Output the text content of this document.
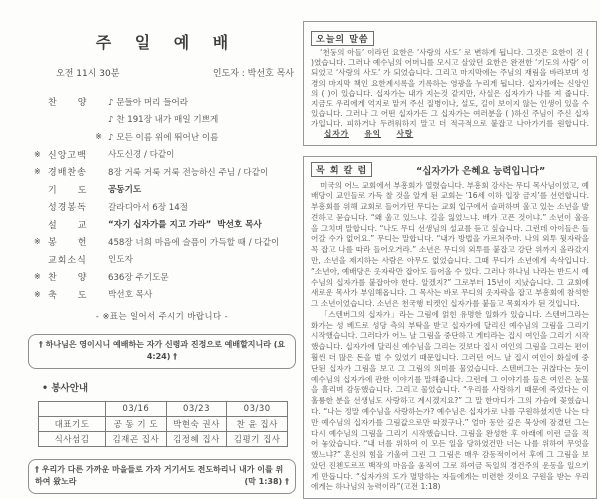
주 일 예 배
오전 11시 30분	인도자 : 박선호 목사
찬　　양	♪ 문들아 머리 들어라
♪ 찬 191장 내가 매일 기쁘게
※ ♪ 모든 이름 위에 뛰어난 이름
※ 신앙고백	사도신경 / 다같이
※ 경배찬송	8장 거룩 거룩 거룩 전능하신 주님 / 다같이
기　　도	공동기도
성경봉독	갈라디아서 6장 14절
설　　교	“자기 십자가를 지고 가라”  박선호 목사
※ 봉　　헌	458장 너희 마음에 슬픔이 가득할 때 / 다같이
교회소식	인도자
※ 찬　　양	636장 주기도문
※ 축　　도	박선호 목사
- ※표는 일어서 주시기 바랍니다 -
† 하나님은 영이시니 예배하는 자가 신령과 진정으로 예배할지니라 (요4:24) †
• 봉사안내
	03/16	03/23	03/30
대표기도	공 동 기 도	박현숙 권사	찬 윤 집사
식사섬김	김재곤 집사	김정혜 집사	김평기 집사
† 우리가 다른 가까운 마을들로 가자 거기서도 전도하리니 내가 이를 위하여 왔노라	(막 1:38) †
오늘의 말씀
‘천둥의 아들’ 이라던 요한은 ‘사랑의 사도’ 로 변하게 됩니다. 그것은 요한이 진 ( )였습니다. 그러나 예수님의 어머니를 모시고 살았던 요한은 완전한 ‘기도의 사람’ 이 되었고 ‘사랑의 사도’ 가 되었습니다. 그리고 마지막에는 주님의 재림을 바라보며 성경의 마지막 책인 요한계시록을 기록하는 영광을 누리게 됩니다. 십자가에는 신앙인의 ( )이 있습니다. 십자가는 내가 지는것 같지만, 사실은 십자가가 나를 져 줍니다. 지금도 우리에게 억지로 맡겨 주신 질병이나, 설도, 길이 보이지 않는 인생이 있을 수 있습니다. 그러나 그 어떤 십자가든 그 십자가는 여러분을 ( )하신 주님이 주신 십자가입니다. 피하거나 두려워하지 말고 더 적극적으로 붙잡고 나아가기를 원합니다. 십자가 유익 사랑
목 회 칼 럼	“십자가가 은혜요 능력입니다”

미국의 어느 교회에서 부흥회가 열렸습니다. 부흥회 강사는 무디 목사님이었고, 예배당이 교인들로 가득 찰 것을 알게 된 교회는 ‘16세 이하 입장 금지’를 선언합니다. 부흥회를 위해 교회로 들어가던 무디는 교회 입구에서 슬퍼하며 울고 있는 소년을 발견하고 묻습니다. “왜 울고 있느냐. 길을 잃었느냐. 배가 고픈 것이냐.” 소년이 울음을 그치며 말합니다. “나도 무디 선생님의 설교를 듣고 싶습니다. 그런데 아이들은 들어갈 수가 없어요.” 무디는 말합니다. “내가 방법을 가르쳐주마. 나의 외투 뒷자락을 꼭 잡고 나를 따라 들어오거라.” 소년은 무디의 외투를 붙잡고 강단 위까지 올라갔지만, 소년을 제지하는 사람은 아무도 없었습니다. 그때 무디가 소년에게 속삭입니다. “소년아, 예배당은 옷자락만 잡아도 들어올 수 있다. 그러나 하나님 나라는 반드시 예수님의 십자가를 붙잡아야 한다. 알겠지?” 그로부터 15년이 지났습니다. 그 교회에 새로운 목사가 부임해옵니다. 그 목사는 바로 무디의 옷자락을 잡고 부흥회에 참석한 그 소년이었습니다. 소년은 천국행 티켓인 십자가를 붙들고 목회자가 된 것입니다.

「스텐버그의 십자가」라는 그림에 얽힌 유명한 일화가 있습니다. 스텐버그라는 화가는 성 베드로 성당 측의 부탁을 받고 십자가에 달리신 예수님의 그림을 그리기 시작했습니다. 그러다가 어느 날 그림을 중단하고 게티라는 집시 여인을 그리기 시작했습니다. 십자가에 달리신 예수님을 그리는 것보다 집시 여인의 그림을 그리는 편이 훨씬 더 많은 돈을 벌 수 있었기 때문입니다. 그러던 어느 날 집시 여인이 화실에 중단된 십자가 그림을 보고 그 그림의 의미를 물었습니다. 스텐버그는 귀찮다는 듯이 예수님의 십자가에 관한 이야기를 말해줍니다. 그런데 그 이야기를 들은 여인은 눈물을 흘리며 감동했습니다. 그리고 물었습니다. “우리를 사랑하기 때문에 죽었다는 이 훌륭한 분을 선생님도 사랑하고 계시겠지요?” 그 말 한마디가 그의 가슴에 꽂혔습니다. “나는 정말 예수님을 사랑하는가? 예수님은 십자가로 나를 구원하셨지만 나는 다만 예수님의 십자가를 그림값으로만 따졌구나.” 얼마 동안 깊은 묵상에 잠겼던 그는 다시 예수님의 그림을 그리기 시작했습니다. 그림을 완성한 후 아래에 이런 글을 적어 놓았습니다. “내 너를 위하여 이 모든 일을 당하였건만 너는 나를 위하여 무엇을 했느냐?” 혼신의 힘을 기울여 그린 그 그림은 매우 감동적이어서 후에 그 그림을 보았던 진첸도르프 백작의 마음을 움직여 그로 하여금 독일의 경건주의 운동을 일으키게 만듭니다. “십자가의 도가 멸망하는 자들에게는 미련한 것이요 구원을 받는 우리에게는 하나님의 능력이라”(고전 1:18)
